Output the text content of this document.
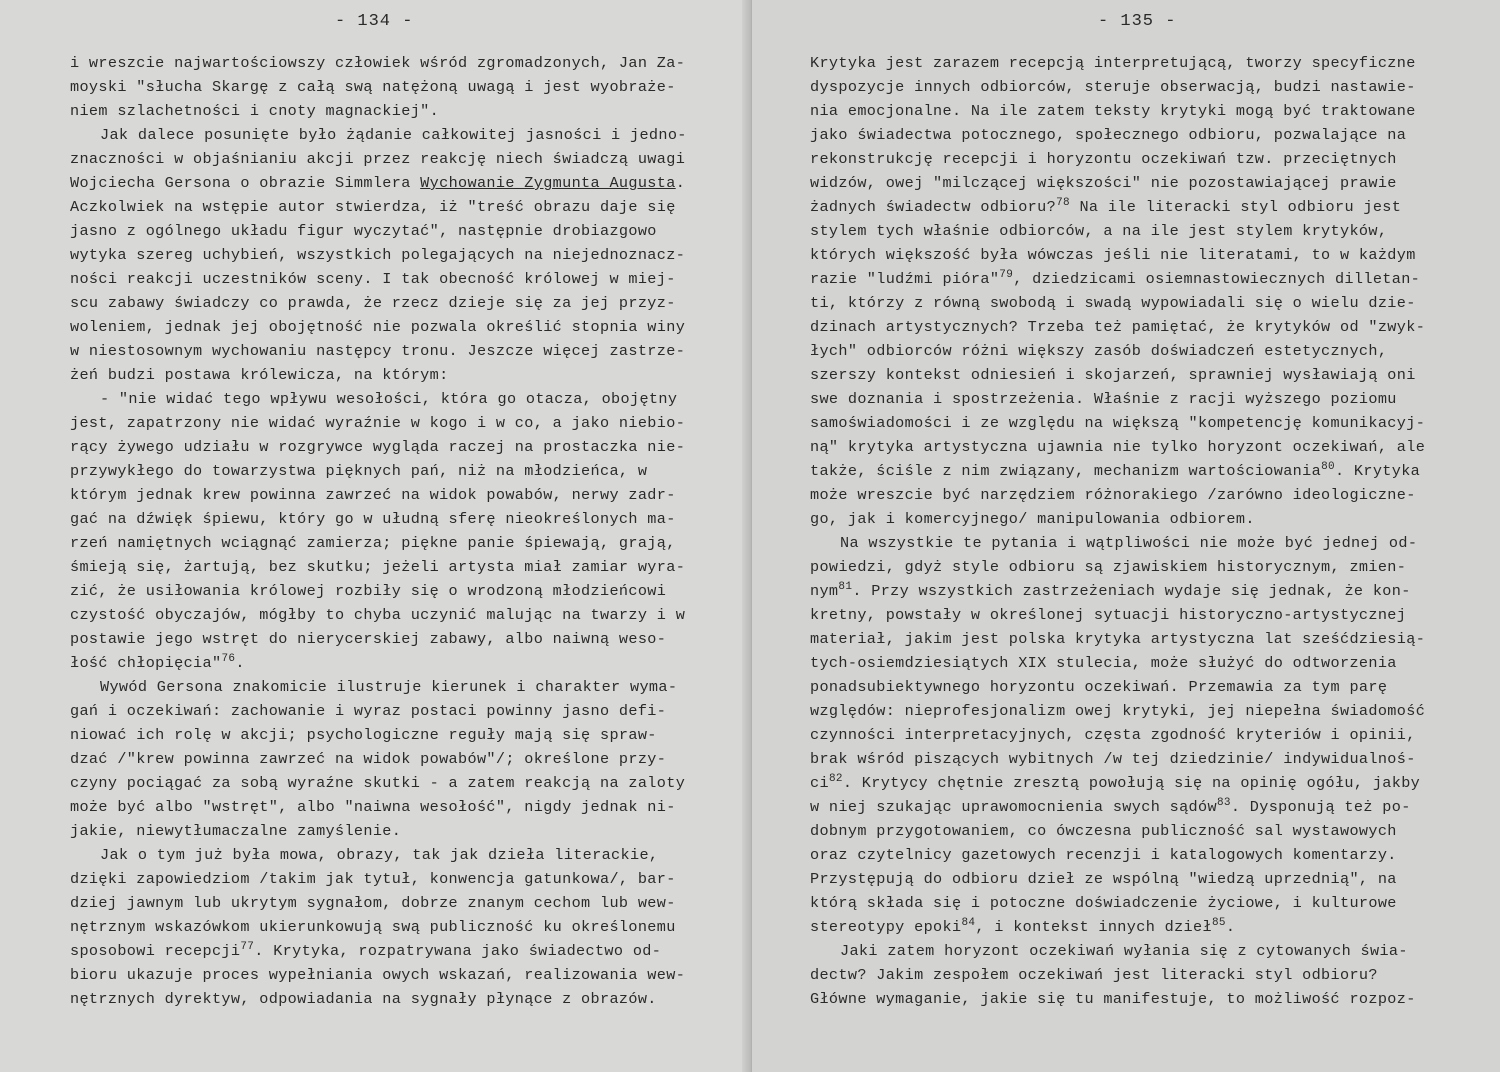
- 134 -
i wreszcie najwartościowszy człowiek wśród zgromadzonych, Jan Za-
moyski "słucha Skargę z całą swą natężoną uwagą i jest wyobraże-
niem szlachetności i cnoty magnackiej".
Jak dalece posunięte było żądanie całkowitej jasności i jedno-
znaczności w objaśnianiu akcji przez reakcję niech świadczą uwagi
Wojciecha Gersona o obrazie Simmlera Wychowanie Zygmunta Augusta.
Aczkolwiek na wstępie autor stwierdza, iż "treść obrazu daje się
jasno z ogólnego układu figur wyczytać", następnie drobiazgowo
wytyka szereg uchybień, wszystkich polegających na niejednoznacz-
ności reakcji uczestników sceny. I tak obecność królowej w miej-
scu zabawy świadczy co prawda, że rzecz dzieje się za jej przyz-
woleniem, jednak jej obojętność nie pozwala określić stopnia winy
w niestosownym wychowaniu następcy tronu. Jeszcze więcej zastrze-
żeń budzi postawa królewicza, na którym:
- "nie widać tego wpływu wesołości, która go otacza, obojętny
jest, zapatrzony nie widać wyraźnie w kogo i w co, a jako niebio-
rący żywego udziału w rozgrywce wygląda raczej na prostaczka nie-
przywykłego do towarzystwa pięknych pań, niż na młodzieńca, w
którym jednak krew powinna zawrzeć na widok powabów, nerwy zadr-
gać na dźwięk śpiewu, który go w ułudną sferę nieokreślonych ma-
rzeń namiętnych wciągnąć zamierza; piękne panie śpiewają, grają,
śmieją się, żartują, bez skutku; jeżeli artysta miał zamiar wyra-
zić, że usiłowania królowej rozbiły się o wrodzoną młodzieńcowi
czystość obyczajów, mógłby to chyba uczynić malując na twarzy i w
postawie jego wstręt do nierycerskiej zabawy, albo naiwną weso-
łość chłopięcia"$^{76}$.
Wywód Gersona znakomicie ilustruje kierunek i charakter wyma-
gań i oczekiwań: zachowanie i wyraz postaci powinny jasno defi-
niować ich rolę w akcji; psychologiczne reguły mają się spraw-
dzać /"krew powinna zawrzeć na widok powabów"/; określone przy-
czyny pociągać za sobą wyraźne skutki - a zatem reakcją na zaloty
może być albo "wstręt", albo "naiwna wesołość", nigdy jednak ni-
jakie, niewytłumaczalne zamyślenie.
Jak o tym już była mowa, obrazy, tak jak dzieła literackie,
dzięki zapowiedziom /takim jak tytuł, konwencja gatunkowa/, bar-
dziej jawnym lub ukrytym sygnałom, dobrze znanym cechom lub wew-
nętrznym wskazówkom ukierunkowują swą publiczność ku określonemu
sposobowi recepcji$^{77}$. Krytyka, rozpatrywana jako świadectwo od-
bioru ukazuje proces wypełniania owych wskazań, realizowania wew-
nętrznych dyrektyw, odpowiadania na sygnały płynące z obrazów.
- 135 -
Krytyka jest zarazem recepcją interpretującą, tworzy specyficzne
dyspozycje innych odbiorców, steruje obserwacją, budzi nastawie-
nia emocjonalne. Na ile zatem teksty krytyki mogą być traktowane
jako świadectwa potocznego, społecznego odbioru, pozwalające na
rekonstrukcję recepcji i horyzontu oczekiwań tzw. przeciętnych
widzów, owej "milczącej większości" nie pozostawiającej prawie
żadnych świadectw odbioru?$^{78}$ Na ile literacki styl odbioru jest
stylem tych właśnie odbiorców, a na ile jest stylem krytyków,
których większość była wówczas jeśli nie literatami, to w każdym
razie "ludźmi pióra"$^{79}$, dziedzicami osiemnastowiecznych dilletan-
ti, którzy z równą swobodą i swadą wypowiadali się o wielu dzie-
dzinach artystycznych? Trzeba też pamiętać, że krytyków od "zwyk-
łych" odbiorców różni większy zasób doświadczeń estetycznych,
szerszy kontekst odniesień i skojarzeń, sprawniej wysławiają oni
swe doznania i spostrzeżenia. Właśnie z racji wyższego poziomu
samoświadomości i ze względu na większą "kompetencję komunikacyj-
ną" krytyka artystyczna ujawnia nie tylko horyzont oczekiwań, ale
także, ściśle z nim związany, mechanizm wartościowania$^{80}$. Krytyka
może wreszcie być narzędziem różnorakiego /zarówno ideologiczne-
go, jak i komercyjnego/ manipulowania odbiorem.
Na wszystkie te pytania i wątpliwości nie może być jednej od-
powiedzi, gdyż style odbioru są zjawiskiem historycznym, zmien-
nym$^{81}$. Przy wszystkich zastrzeżeniach wydaje się jednak, że kon-
kretny, powstały w określonej sytuacji historyczno-artystycznej
materiał, jakim jest polska krytyka artystyczna lat sześćdziesią-
tych-osiemdziesiątych XIX stulecia, może służyć do odtworzenia
ponadsubiektywnego horyzontu oczekiwań. Przemawia za tym parę
względów: nieprofesjonalizm owej krytyki, jej niepełna świadomość
czynności interpretacyjnych, częsta zgodność kryteriów i opinii,
brak wśród piszących wybitnych /w tej dziedzinie/ indywidualnoś-
ci$^{82}$. Krytycy chętnie zresztą powołują się na opinię ogółu, jakby
w niej szukając uprawomocnienia swych sądów$^{83}$. Dysponują też po-
dobnym przygotowaniem, co ówczesna publiczność sal wystawowych
oraz czytelnicy gazetowych recenzji i katalogowych komentarzy.
Przystępują do odbioru dzieł ze wspólną "wiedzą uprzednią", na
którą składa się i potoczne doświadczenie życiowe, i kulturowe
stereotypy epoki$^{84}$, i kontekst innych dzieł$^{85}$.
Jaki zatem horyzont oczekiwań wyłania się z cytowanych świa-
dectw? Jakim zespołem oczekiwań jest literacki styl odbioru?
Główne wymaganie, jakie się tu manifestuje, to możliwość rozpoz-
